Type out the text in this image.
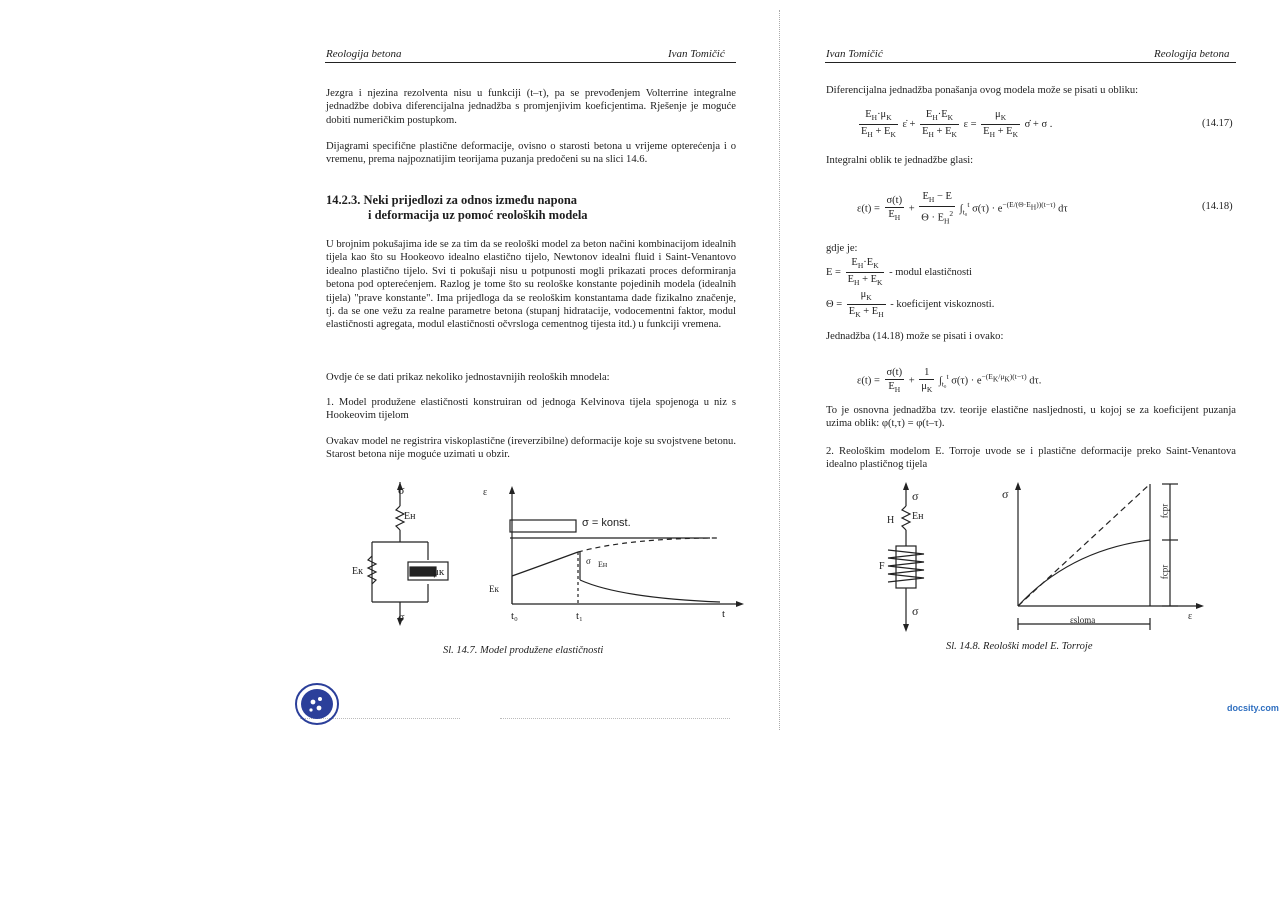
Reologija betona	Ivan Tomičić
Jezgra i njezina rezolventa nisu u funkciji (t–τ), pa se prevođenjem Volterrine integralne jednadžbe dobiva diferencijalna jednadžba s promjenjivim koeficjentima. Rješenje je moguće dobiti numeričkim postupkom.
Dijagrami specifične plastične deformacije, ovisno o starosti betona u vrijeme opterećenja i o vremenu, prema najpoznatijim teorijama puzanja predočeni su na slici 14.6.
14.2.3. Neki prijedlozi za odnos između napona
i deformacija uz pomoć reoloških modela
U brojnim pokušajima ide se za tim da se reološki model za beton načini kombinacijom idealnih tijela kao što su Hookeovo idealno elastično tijelo, Newtonov idealni fluid i Saint-Venantovo idealno plastično tijelo. Svi ti pokušaji nisu u potpunosti mogli prikazati proces deformiranja betona pod opterećenjem. Razlog je tome što su reološke konstante pojedinih modela (idealnih tijela) "prave konstante". Ima prijedloga da se reološkim konstantama dade fizikalno značenje, tj. da se one vežu za realne parametre betona (stupanj hidratacije, vodocementni faktor, modul elastičnosti agregata, modul elastičnosti očvrsloga cementnog tijesta itd.) u funkciji vremena.
Ovdje će se dati prikaz nekoliko jednostavnijih reoloških mnodela:
1. Model produžene elastičnosti konstruiran od jednoga Kelvinova tijela spojenoga u niz s Hookeovim tijelom
Ovakav model ne registrira viskoplastične (ireverzibilne) deformacije koje su svojstvene betonu. Starost betona nije moguće uzimati u obzir.
σ
Eн
Eк	μк
σ
ε
t
t₀	t₁
σ = konst.
σ Eн
Eк
Sl. 14.7. Model produžene elastičnosti
Ivan Tomičić	Reologija betona
Diferencijalna jednadžba ponašanja ovog modela može se pisati u obliku:
$\frac{E_H\cdot\mu_K}{E_H + E_K}$ ε̇ + $\frac{E_H\cdot E_K}{E_H + E_K}$ $\varepsilon = \frac{\mu_K}{E_H + E_K}$ σ̇ + σ .	(14.17)
Integralni oblik te jednadžbe glasi:
$\varepsilon(t) = \frac{\sigma(t)}{E_H} + \frac{E_H - E}{\Theta \cdot E_H^2} \int_{t_0}^t$ $\sigma(\tau) \cdot e^{-(E/(\Theta\cdot E_H))(t-\tau)}$ dτ	(14.18)
gdje je:
$E = \frac{E_H\cdot E_K}{E_H + E_K}$ - modul elastičnosti
$\Theta = \frac{\mu_K}{E_K + E_H}$ - koeficijent viskoznosti.
Jednadžba (14.18) može se pisati i ovako:
$\varepsilon(t) = \frac{\sigma(t)}{E_H} + \frac{1}{\mu_K} \int_{t_0}^t$ $\sigma(\tau) \cdot e^{-(E_K/\mu_K)(t-\tau)}$ dτ.
To je osnovna jednadžba tzv. teorije elastične nasljednosti, u kojoj se za koeficijent puzanja uzima oblik: φ(t,τ) = φ(t–τ).
2. Reološkim modelom E. Torroje uvode se i plastične deformacije preko Saint-Venantova idealno plastičnog tijela
σ
H Eн
F
σ
σ
ε
fcpr
fcpr
εsloma
Sl. 14.8. Reološki model E. Torroje
docsity.com
